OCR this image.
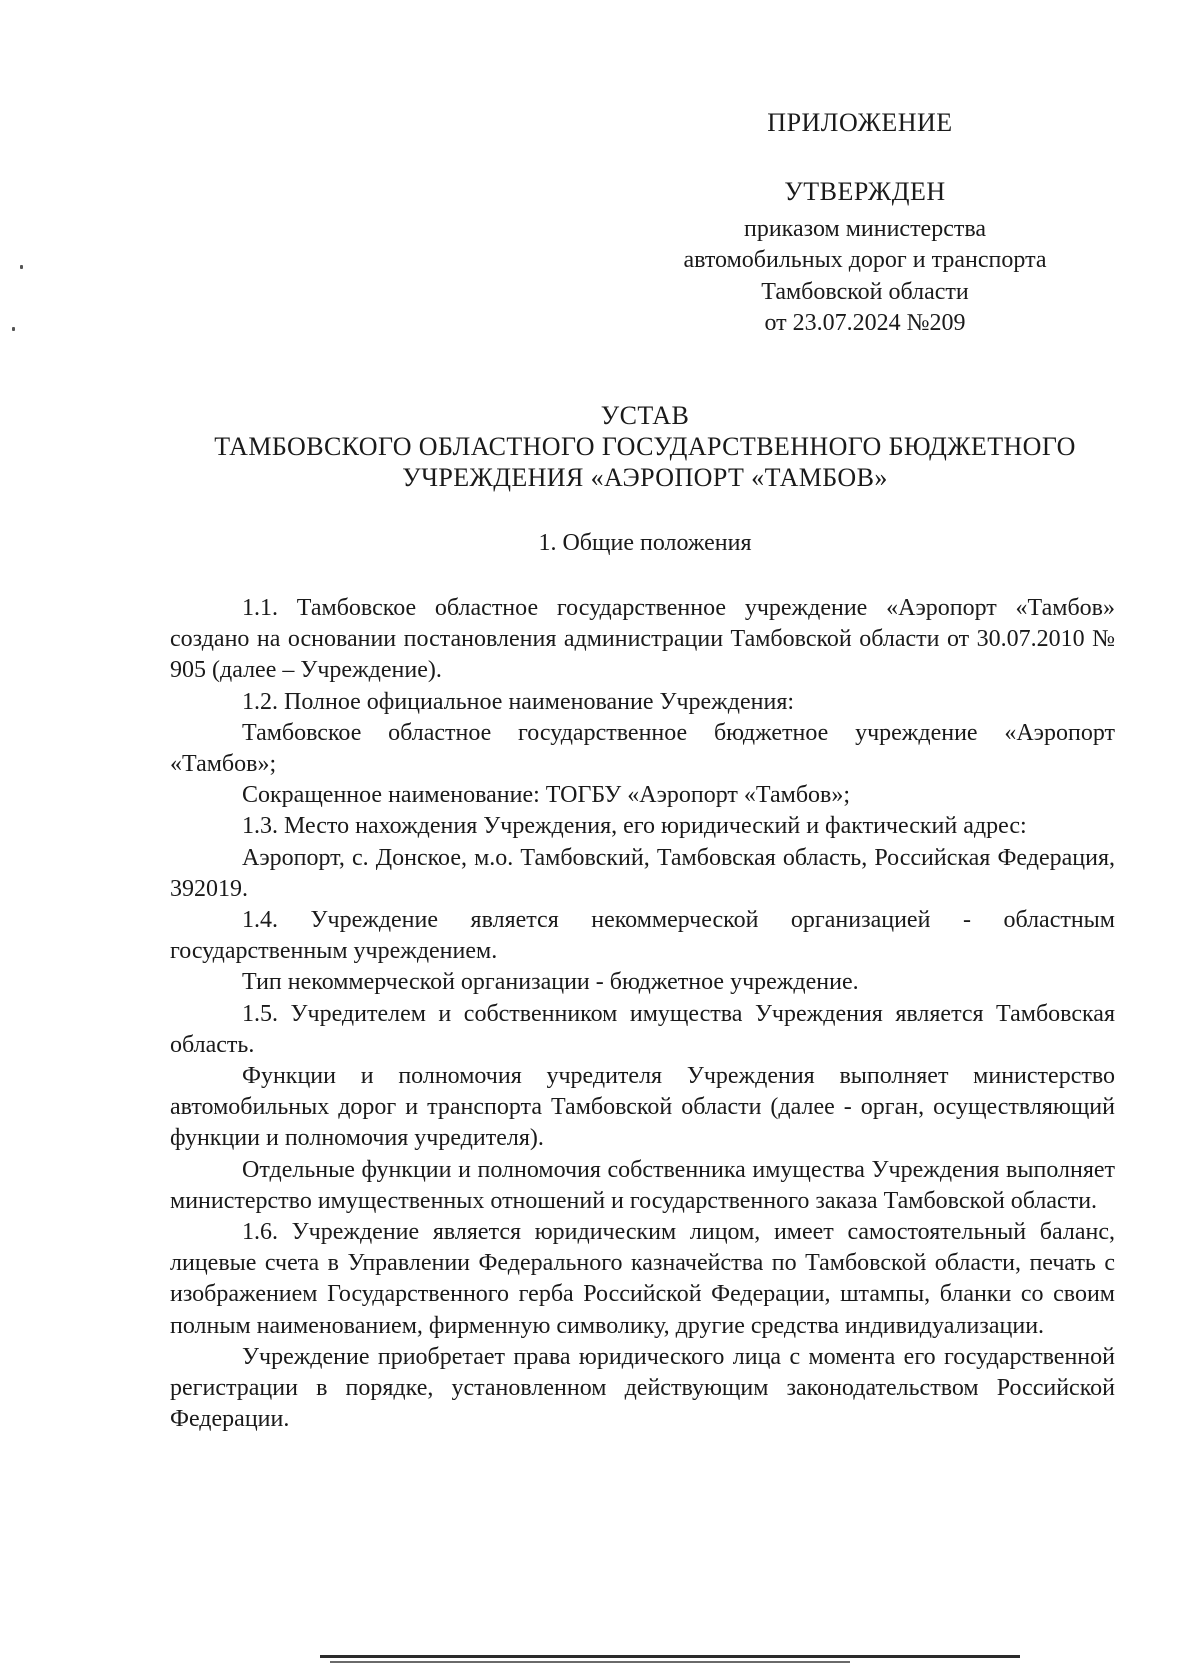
ПРИЛОЖЕНИЕ
УТВЕРЖДЕН
приказом министерства
автомобильных дорог и транспорта
Тамбовской области
от 23.07.2024 №209
УСТАВ
ТАМБОВСКОГО ОБЛАСТНОГО ГОСУДАРСТВЕННОГО БЮДЖЕТНОГО
УЧРЕЖДЕНИЯ «АЭРОПОРТ «ТАМБОВ»
1. Общие положения

1.1. Тамбовское областное государственное учреждение «Аэропорт «Тамбов» создано на основании постановления администрации Тамбовской области от 30.07.2010 № 905 (далее – Учреждение).

1.2. Полное официальное наименование Учреждения:

Тамбовское областное государственное бюджетное учреждение «Аэропорт «Тамбов»;

Сокращенное наименование: ТОГБУ «Аэропорт «Тамбов»;

1.3. Место нахождения Учреждения, его юридический и фактический адрес:

Аэропорт, с. Донское, м.о. Тамбовский, Тамбовская область, Российская Федерация, 392019.

1.4. Учреждение является некоммерческой организацией - областным государственным учреждением.

Тип некоммерческой организации - бюджетное учреждение.

1.5. Учредителем и собственником имущества Учреждения является Тамбовская область.

Функции и полномочия учредителя Учреждения выполняет министерство автомобильных дорог и транспорта Тамбовской области (далее - орган, осуществляющий функции и полномочия учредителя).

Отдельные функции и полномочия собственника имущества Учреждения выполняет министерство имущественных отношений и государственного заказа Тамбовской области.

1.6. Учреждение является юридическим лицом, имеет самостоятельный баланс, лицевые счета в Управлении Федерального казначейства по Тамбовской области, печать с изображением Государственного герба Российской Федерации, штампы, бланки со своим полным наименованием, фирменную символику, другие средства индивидуализации.

Учреждение приобретает права юридического лица с момента его государственной регистрации в порядке, установленном действующим законодательством Российской Федерации.
